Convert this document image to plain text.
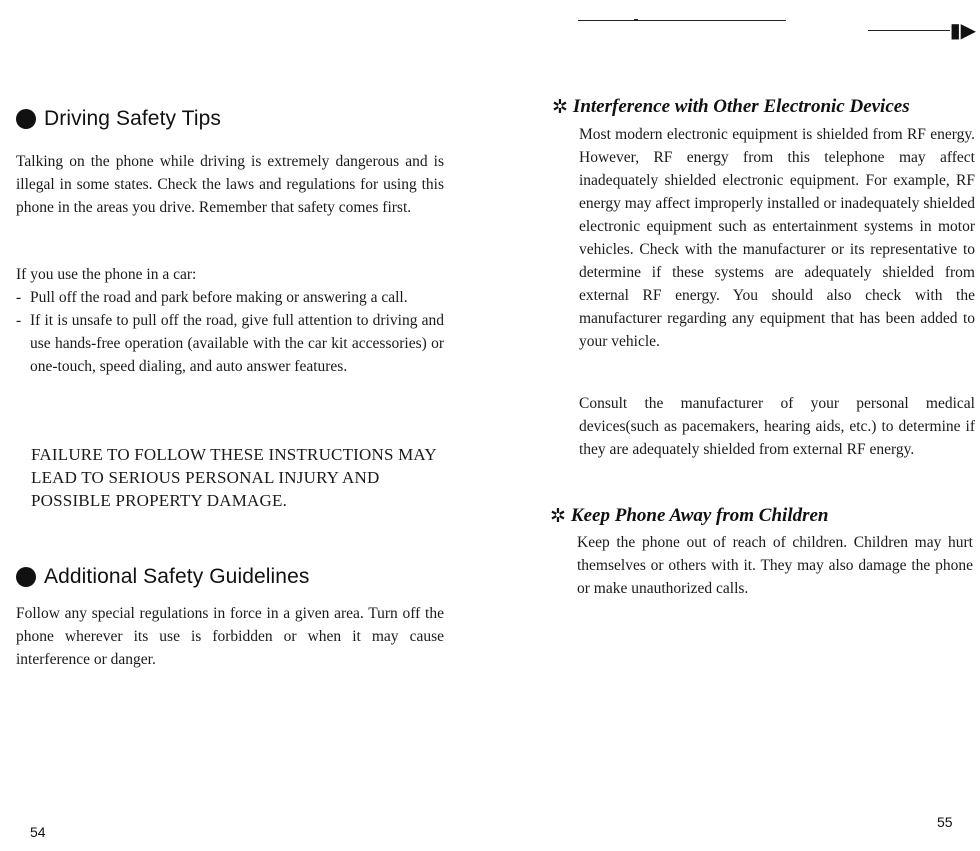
Driving Safety Tips

Talking on the phone while driving is extremely dangerous and is illegal in some states. Check the laws and regulations for using this phone in the areas you drive. Remember that safety comes first.

If you use the phone in a car:

- Pull off the road and park before making or answering a call.
- If it is unsafe to pull off the road, give full attention to driving and use hands-free operation (available with the car kit accessories) or one-touch, speed dialing, and auto answer features.
FAILURE TO FOLLOW THESE INSTRUCTIONS MAY LEAD TO SERIOUS PERSONAL INJURY AND POSSIBLE PROPERTY DAMAGE.
Additional Safety Guidelines

Follow any special regulations in force in a given area. Turn off the phone wherever its use is forbidden or when it may cause interference or danger.

54
▮▶
✲ Interference with Other Electronic Devices
Most modern electronic equipment is shielded from RF energy. However, RF energy from this telephone may affect inadequately shielded electronic equipment. For example, RF energy may affect improperly installed or inadequately shielded electronic equipment such as entertainment systems in motor vehicles. Check with the manufacturer or its representative to determine if these systems are adequately shielded from external RF energy. You should also check with the manufacturer regarding any equipment that has been added to your vehicle.
Consult the manufacturer of your personal medical devices(such as pacemakers, hearing aids, etc.) to determine if they are adequately shielded from external RF energy.
✲ Keep Phone Away from Children
Keep the phone out of reach of children. Children may hurt themselves or others with it. They may also damage the phone or make unauthorized calls.
55
